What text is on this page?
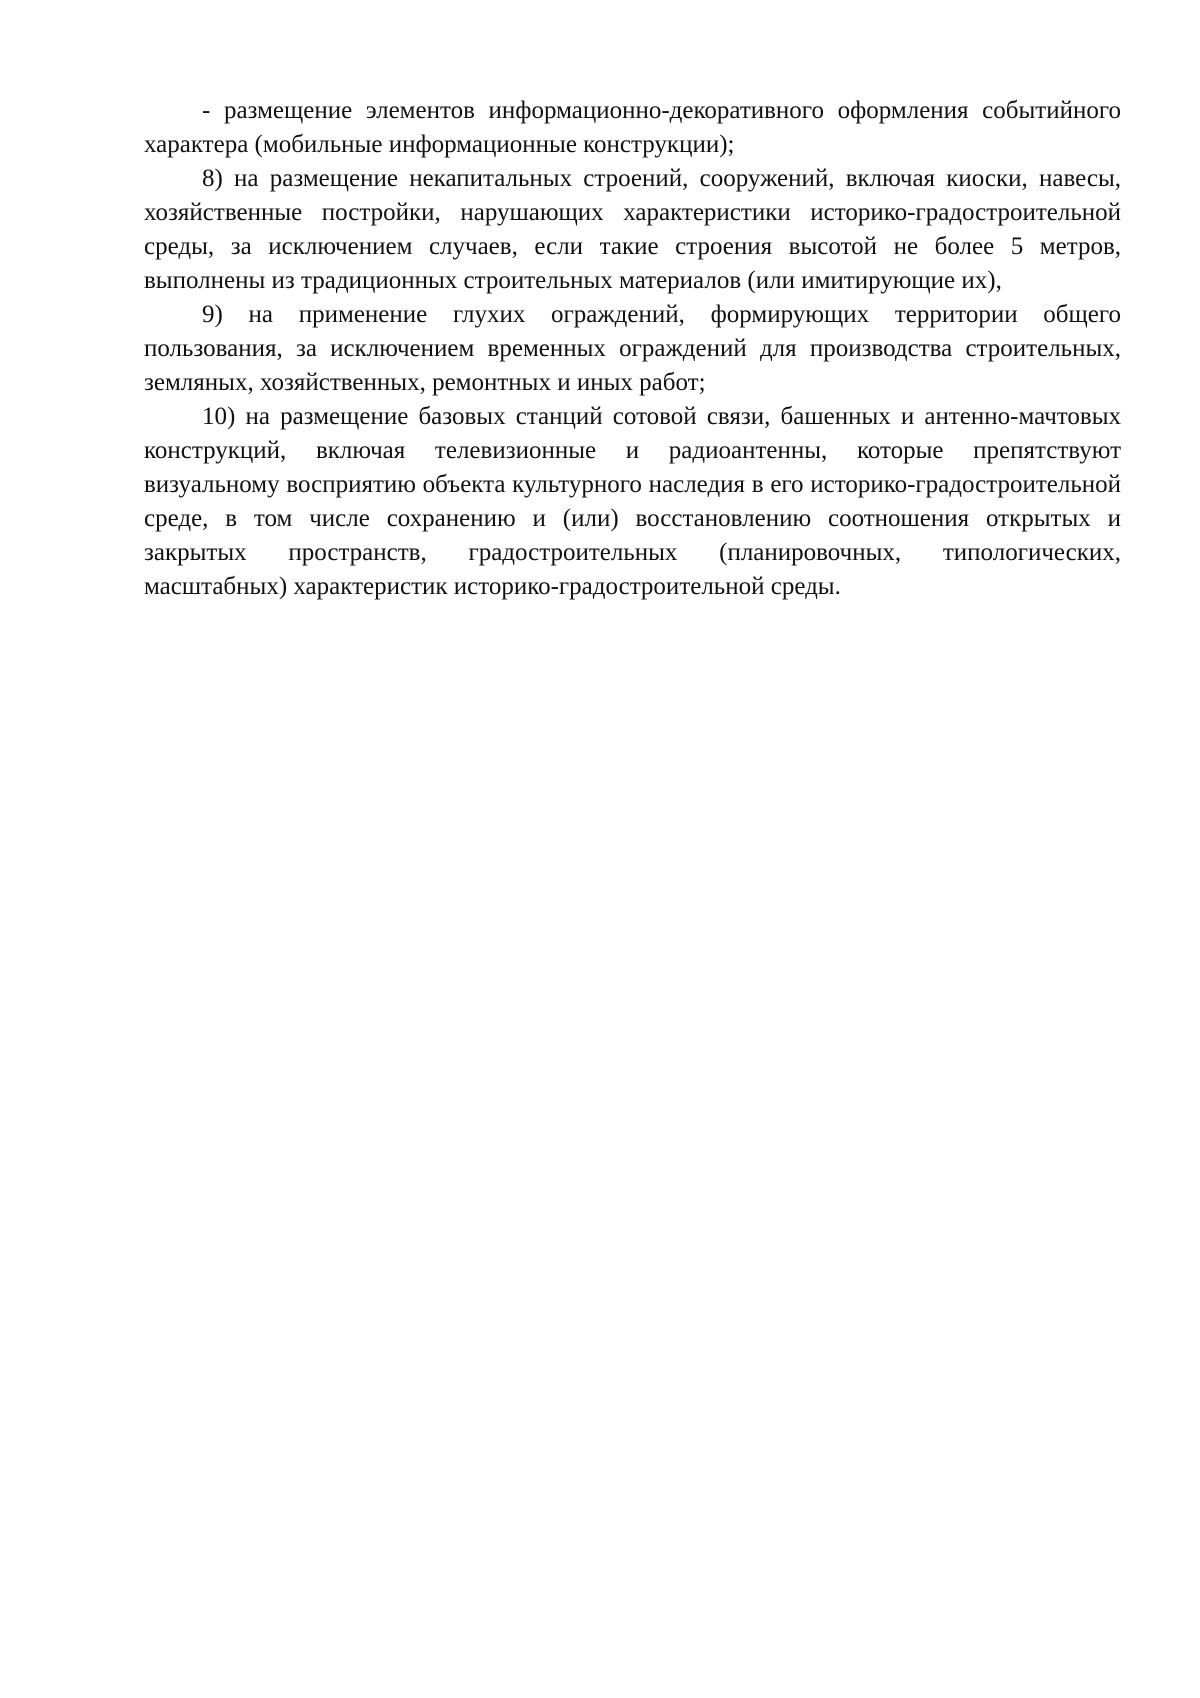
- размещение элементов информационно-декоративного оформления событийного характера (мобильные информационные конструкции);

8) на размещение некапитальных строений, сооружений, включая киоски, навесы, хозяйственные постройки, нарушающих характеристики историко-градостроительной среды, за исключением случаев, если такие строения высотой не более 5 метров, выполнены из традиционных строительных материалов (или имитирующие их),

9) на применение глухих ограждений, формирующих территории общего пользования, за исключением временных ограждений для производства строительных, земляных, хозяйственных, ремонтных и иных работ;

10) на размещение базовых станций сотовой связи, башенных и антенно-мачтовых конструкций, включая телевизионные и радиоантенны, которые препятствуют визуальному восприятию объекта культурного наследия в его историко-градостроительной среде, в том числе сохранению и (или) восстановлению соотношения открытых и закрытых пространств, градостроительных (планировочных, типологических, масштабных) характеристик историко-градостроительной среды.
